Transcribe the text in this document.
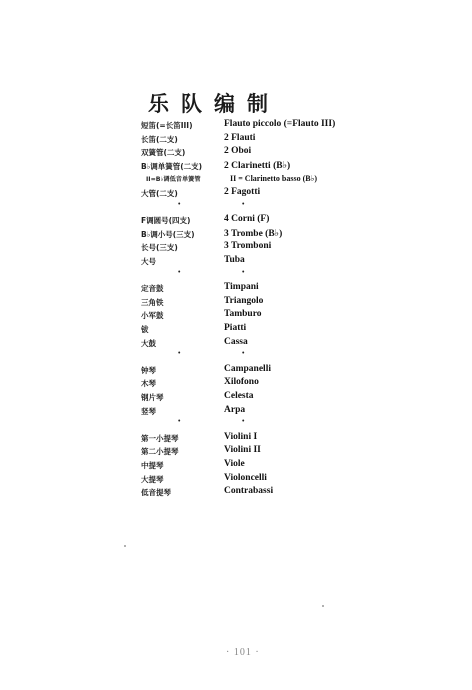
乐队编制
短笛(=长笛III)	Flauto piccolo (=Flauto III)
长笛(二支)	2 Flauti
双簧管(二支)	2 Oboi
B♭调单簧管(二支) 2 Clarinetti (B♭)
II=B♭调低音单簧管	II = Clarinetto basso (B♭)
大管(二支)	2 Fagotti
•	•
F调圆号(四支)	4 Corni (F)
B♭调小号(三支)	3 Trombe (B♭)
长号(三支)	3 Tromboni
大号	Tuba
•	•
定音鼓	Timpani
三角铁	Triangolo
小军鼓	Tamburo
钹	Piatti
大鼓	Cassa
•	•
钟琴	Campanelli
木琴	Xilofono
钢片琴	Celesta
竖琴	Arpa
•	•
第一小提琴	Violini I
第二小提琴	Violini II
中提琴	Viole
大提琴	Violoncelli
低音提琴	Contrabassi
· 101 ·
